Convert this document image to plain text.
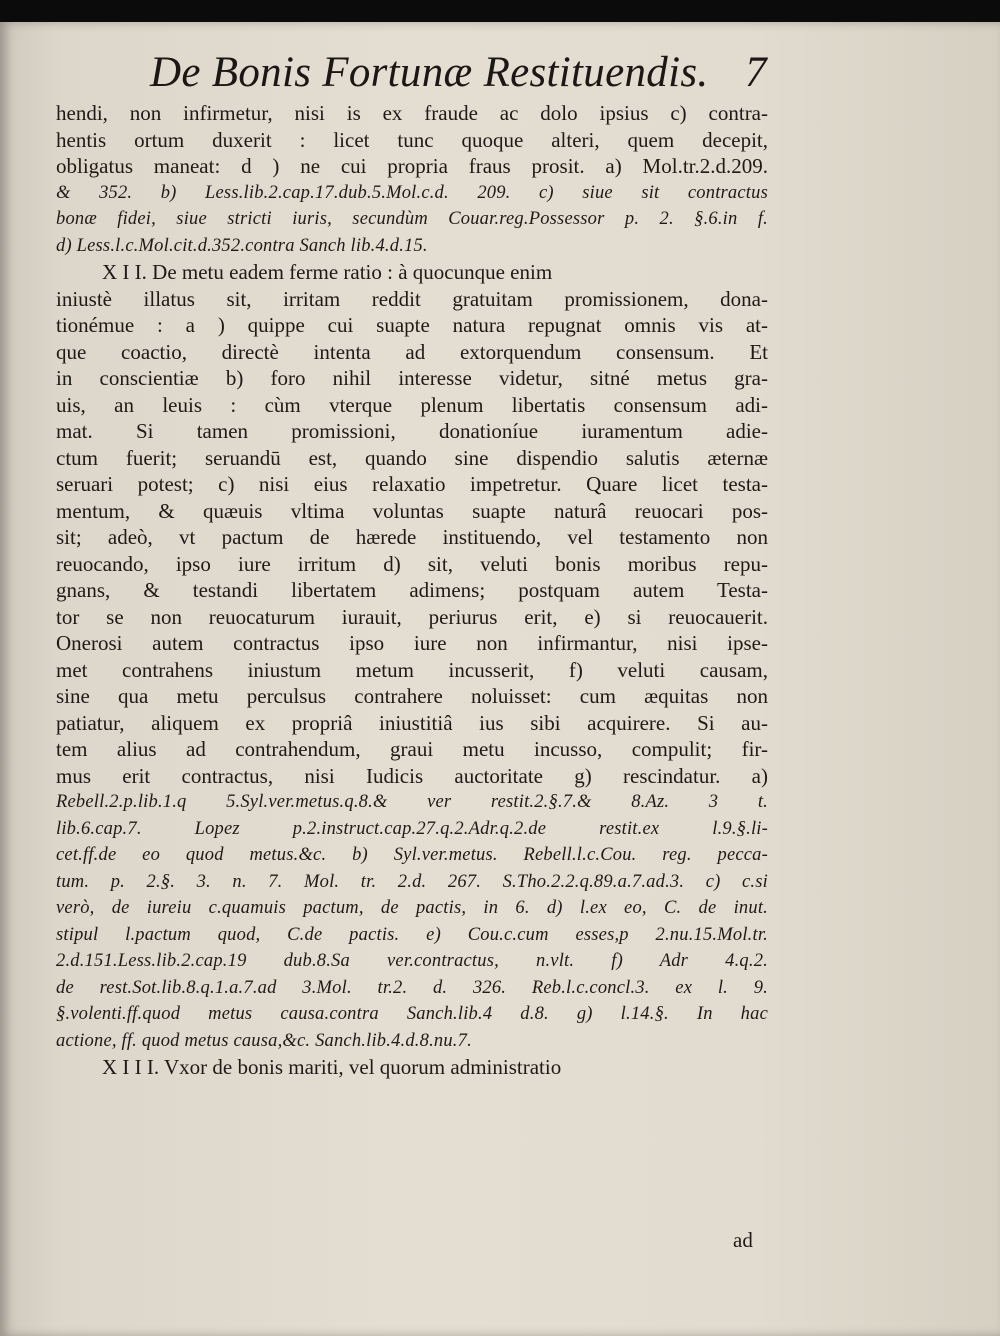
De Bonis Fortunæ Restituendis. 7
hendi, non infirmetur, nisi is ex fraude ac dolo ipsius c) contra-
hentis ortum duxerit : licet tunc quoque alteri, quem decepit,
obligatus maneat: d ) ne cui propria fraus prosit. a) Mol.tr.2.d.209.
& 352. b) Less.lib.2.cap.17.dub.5.Mol.c.d. 209. c) siue sit contractus
bonæ fidei, siue stricti iuris, secundùm Couar.reg.Possessor p. 2. §.6.in f.
d) Less.l.c.Mol.cit.d.352.contra Sanch lib.4.d.15.
X I I. De metu eadem ferme ratio : à quocunque enim
iniustè illatus sit, irritam reddit gratuitam promissionem, dona-
tionémue : a ) quippe cui suapte natura repugnat omnis vis at-
que coactio, directè intenta ad extorquendum consensum. Et
in conscientiæ b) foro nihil interesse videtur, sitné metus gra-
uis, an leuis : cùm vterque plenum libertatis consensum adi-
mat. Si tamen promissioni, donationíue iuramentum adie-
ctum fuerit; seruandū est, quando sine dispendio salutis æternæ
seruari potest; c) nisi eius relaxatio impetretur. Quare licet testa-
mentum, & quæuis vltima voluntas suapte naturâ reuocari pos-
sit; adeò, vt pactum de hærede instituendo, vel testamento non
reuocando, ipso iure irritum d) sit, veluti bonis moribus repu-
gnans, & testandi libertatem adimens; postquam autem Testa-
tor se non reuocaturum iurauit, periurus erit, e) si reuocauerit.
Onerosi autem contractus ipso iure non infirmantur, nisi ipse-
met contrahens iniustum metum incusserit, f) veluti causam,
sine qua metu perculsus contrahere noluisset: cum æquitas non
patiatur, aliquem ex propriâ iniustitiâ ius sibi acquirere. Si au-
tem alius ad contrahendum, graui metu incusso, compulit; fir-
mus erit contractus, nisi Iudicis auctoritate g) rescindatur. a)
Rebell.2.p.lib.1.q 5.Syl.ver.metus.q.8.& ver restit.2.§.7.& 8.Az. 3 t.
lib.6.cap.7. Lopez p.2.instruct.cap.27.q.2.Adr.q.2.de restit.ex l.9.§.li-
cet.ff.de eo quod metus.&c. b) Syl.ver.metus. Rebell.l.c.Cou. reg. pecca-
tum. p. 2.§. 3. n. 7. Mol. tr. 2.d. 267. S.Tho.2.2.q.89.a.7.ad.3. c) c.si
verò, de iureiu c.quamuis pactum, de pactis, in 6. d) l.ex eo, C. de inut.
stipul l.pactum quod, C.de pactis. e) Cou.c.cum esses,p 2.nu.15.Mol.tr.
2.d.151.Less.lib.2.cap.19 dub.8.Sa ver.contractus, n.vlt. f) Adr 4.q.2.
de rest.Sot.lib.8.q.1.a.7.ad 3.Mol. tr.2. d. 326. Reb.l.c.concl.3. ex l. 9.
§.volenti.ff.quod metus causa.contra Sanch.lib.4 d.8. g) l.14.§. In hac
actione, ff. quod metus causa,&c. Sanch.lib.4.d.8.nu.7.
X I I I. Vxor de bonis mariti, vel quorum administratio
ad
